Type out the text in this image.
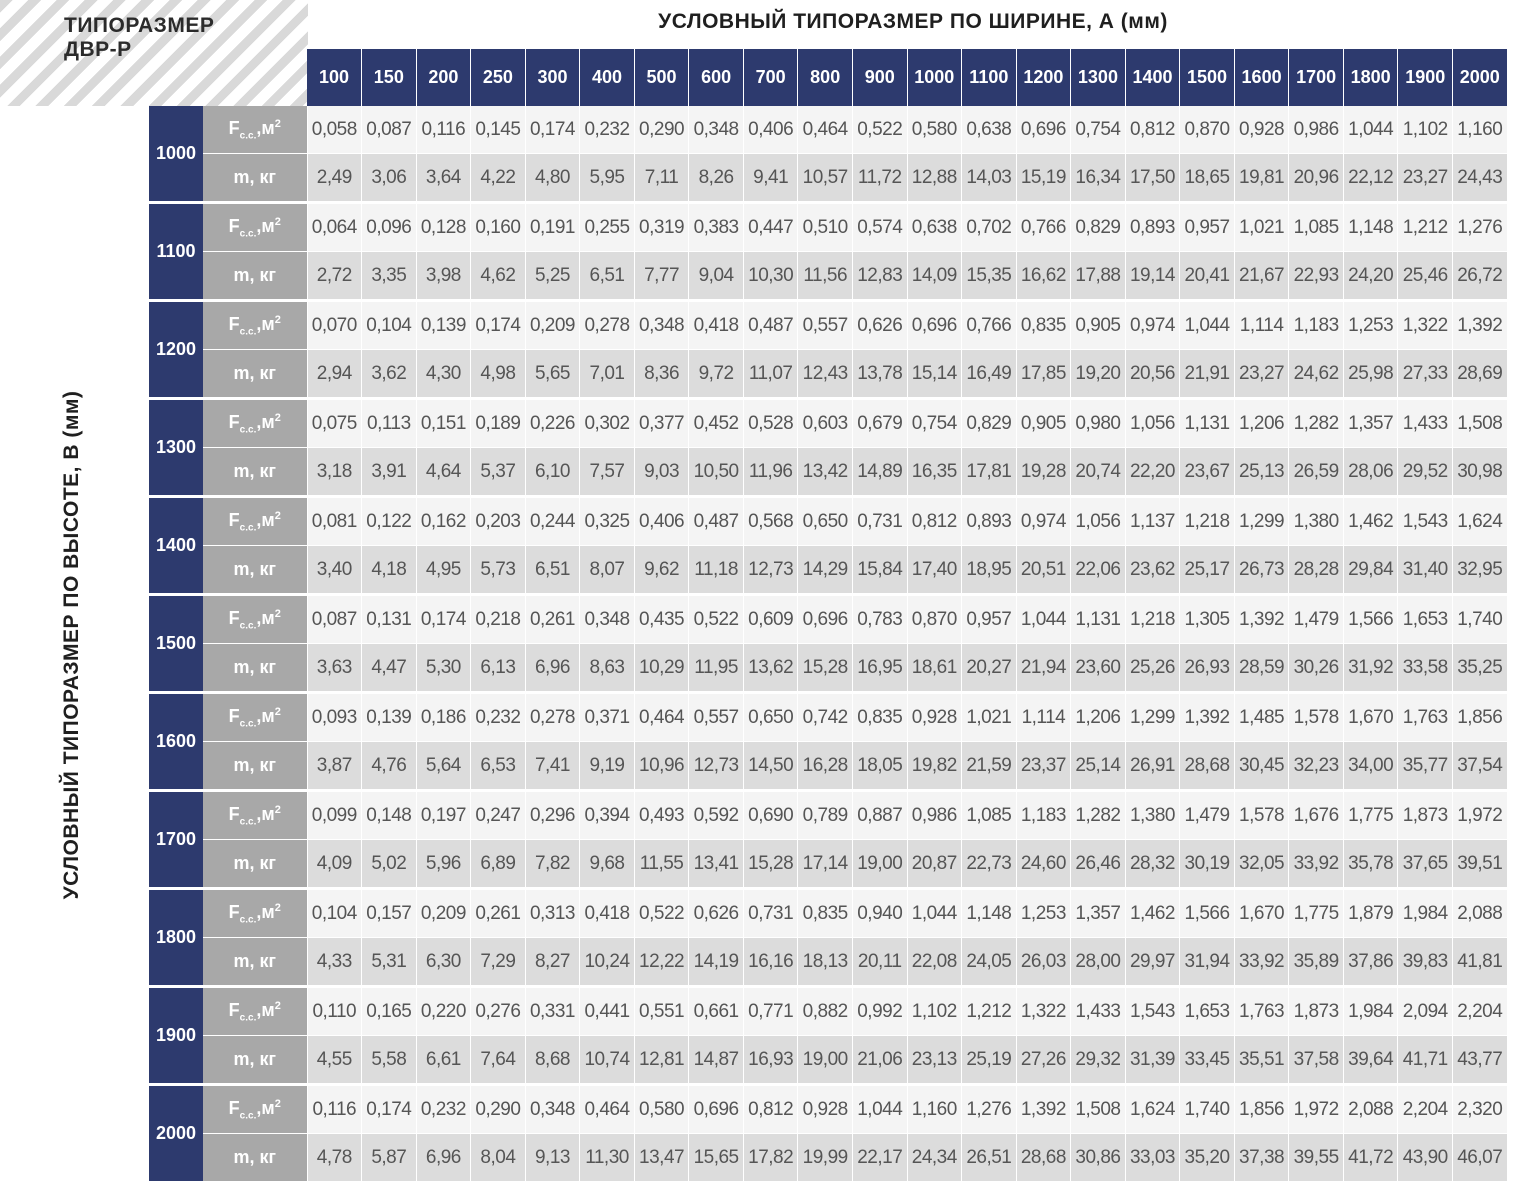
ТИПОРАЗМЕР
ДВР-Р
УСЛОВНЫЙ ТИПОРАЗМЕР ПО ШИРИНЕ, А (мм)
УСЛОВНЫЙ ТИПОРАЗМЕР ПО ВЫСОТЕ, В (мм)
		100	150	200	250	300	400	500	600	700	800	900	1000	1100	1200	1300	1400	1500	1600	1700	1800	1900	2000
1000	$F_{с.с.},м^2$	0,058	0,087	0,116	0,145	0,174	0,232	0,290	0,348	0,406	0,464	0,522	0,580	0,638	0,696	0,754	0,812	0,870	0,928	0,986	1,044	1,102	1,160
	m, кг	2,49	3,06	3,64	4,22	4,80	5,95	7,11	8,26	9,41	10,57	11,72	12,88	14,03	15,19	16,34	17,50	18,65	19,81	20,96	22,12	23,27	24,43
1100	$F_{с.с.},м^2$	0,064	0,096	0,128	0,160	0,191	0,255	0,319	0,383	0,447	0,510	0,574	0,638	0,702	0,766	0,829	0,893	0,957	1,021	1,085	1,148	1,212	1,276
	m, кг	2,72	3,35	3,98	4,62	5,25	6,51	7,77	9,04	10,30	11,56	12,83	14,09	15,35	16,62	17,88	19,14	20,41	21,67	22,93	24,20	25,46	26,72
1200	$F_{с.с.},м^2$	0,070	0,104	0,139	0,174	0,209	0,278	0,348	0,418	0,487	0,557	0,626	0,696	0,766	0,835	0,905	0,974	1,044	1,114	1,183	1,253	1,322	1,392
	m, кг	2,94	3,62	4,30	4,98	5,65	7,01	8,36	9,72	11,07	12,43	13,78	15,14	16,49	17,85	19,20	20,56	21,91	23,27	24,62	25,98	27,33	28,69
1300	$F_{с.с.},м^2$	0,075	0,113	0,151	0,189	0,226	0,302	0,377	0,452	0,528	0,603	0,679	0,754	0,829	0,905	0,980	1,056	1,131	1,206	1,282	1,357	1,433	1,508
	m, кг	3,18	3,91	4,64	5,37	6,10	7,57	9,03	10,50	11,96	13,42	14,89	16,35	17,81	19,28	20,74	22,20	23,67	25,13	26,59	28,06	29,52	30,98
1400	$F_{с.с.},м^2$	0,081	0,122	0,162	0,203	0,244	0,325	0,406	0,487	0,568	0,650	0,731	0,812	0,893	0,974	1,056	1,137	1,218	1,299	1,380	1,462	1,543	1,624
	m, кг	3,40	4,18	4,95	5,73	6,51	8,07	9,62	11,18	12,73	14,29	15,84	17,40	18,95	20,51	22,06	23,62	25,17	26,73	28,28	29,84	31,40	32,95
1500	$F_{с.с.},м^2$	0,087	0,131	0,174	0,218	0,261	0,348	0,435	0,522	0,609	0,696	0,783	0,870	0,957	1,044	1,131	1,218	1,305	1,392	1,479	1,566	1,653	1,740
	m, кг	3,63	4,47	5,30	6,13	6,96	8,63	10,29	11,95	13,62	15,28	16,95	18,61	20,27	21,94	23,60	25,26	26,93	28,59	30,26	31,92	33,58	35,25
1600	$F_{с.с.},м^2$	0,093	0,139	0,186	0,232	0,278	0,371	0,464	0,557	0,650	0,742	0,835	0,928	1,021	1,114	1,206	1,299	1,392	1,485	1,578	1,670	1,763	1,856
	m, кг	3,87	4,76	5,64	6,53	7,41	9,19	10,96	12,73	14,50	16,28	18,05	19,82	21,59	23,37	25,14	26,91	28,68	30,45	32,23	34,00	35,77	37,54
1700	$F_{с.с.},м^2$	0,099	0,148	0,197	0,247	0,296	0,394	0,493	0,592	0,690	0,789	0,887	0,986	1,085	1,183	1,282	1,380	1,479	1,578	1,676	1,775	1,873	1,972
	m, кг	4,09	5,02	5,96	6,89	7,82	9,68	11,55	13,41	15,28	17,14	19,00	20,87	22,73	24,60	26,46	28,32	30,19	32,05	33,92	35,78	37,65	39,51
1800	$F_{с.с.},м^2$	0,104	0,157	0,209	0,261	0,313	0,418	0,522	0,626	0,731	0,835	0,940	1,044	1,148	1,253	1,357	1,462	1,566	1,670	1,775	1,879	1,984	2,088
	m, кг	4,33	5,31	6,30	7,29	8,27	10,24	12,22	14,19	16,16	18,13	20,11	22,08	24,05	26,03	28,00	29,97	31,94	33,92	35,89	37,86	39,83	41,81
1900	$F_{с.с.},м^2$	0,110	0,165	0,220	0,276	0,331	0,441	0,551	0,661	0,771	0,882	0,992	1,102	1,212	1,322	1,433	1,543	1,653	1,763	1,873	1,984	2,094	2,204
	m, кг	4,55	5,58	6,61	7,64	8,68	10,74	12,81	14,87	16,93	19,00	21,06	23,13	25,19	27,26	29,32	31,39	33,45	35,51	37,58	39,64	41,71	43,77
2000	$F_{с.с.},м^2$	0,116	0,174	0,232	0,290	0,348	0,464	0,580	0,696	0,812	0,928	1,044	1,160	1,276	1,392	1,508	1,624	1,740	1,856	1,972	2,088	2,204	2,320
	m, кг	4,78	5,87	6,96	8,04	9,13	11,30	13,47	15,65	17,82	19,99	22,17	24,34	26,51	28,68	30,86	33,03	35,20	37,38	39,55	41,72	43,90	46,07
